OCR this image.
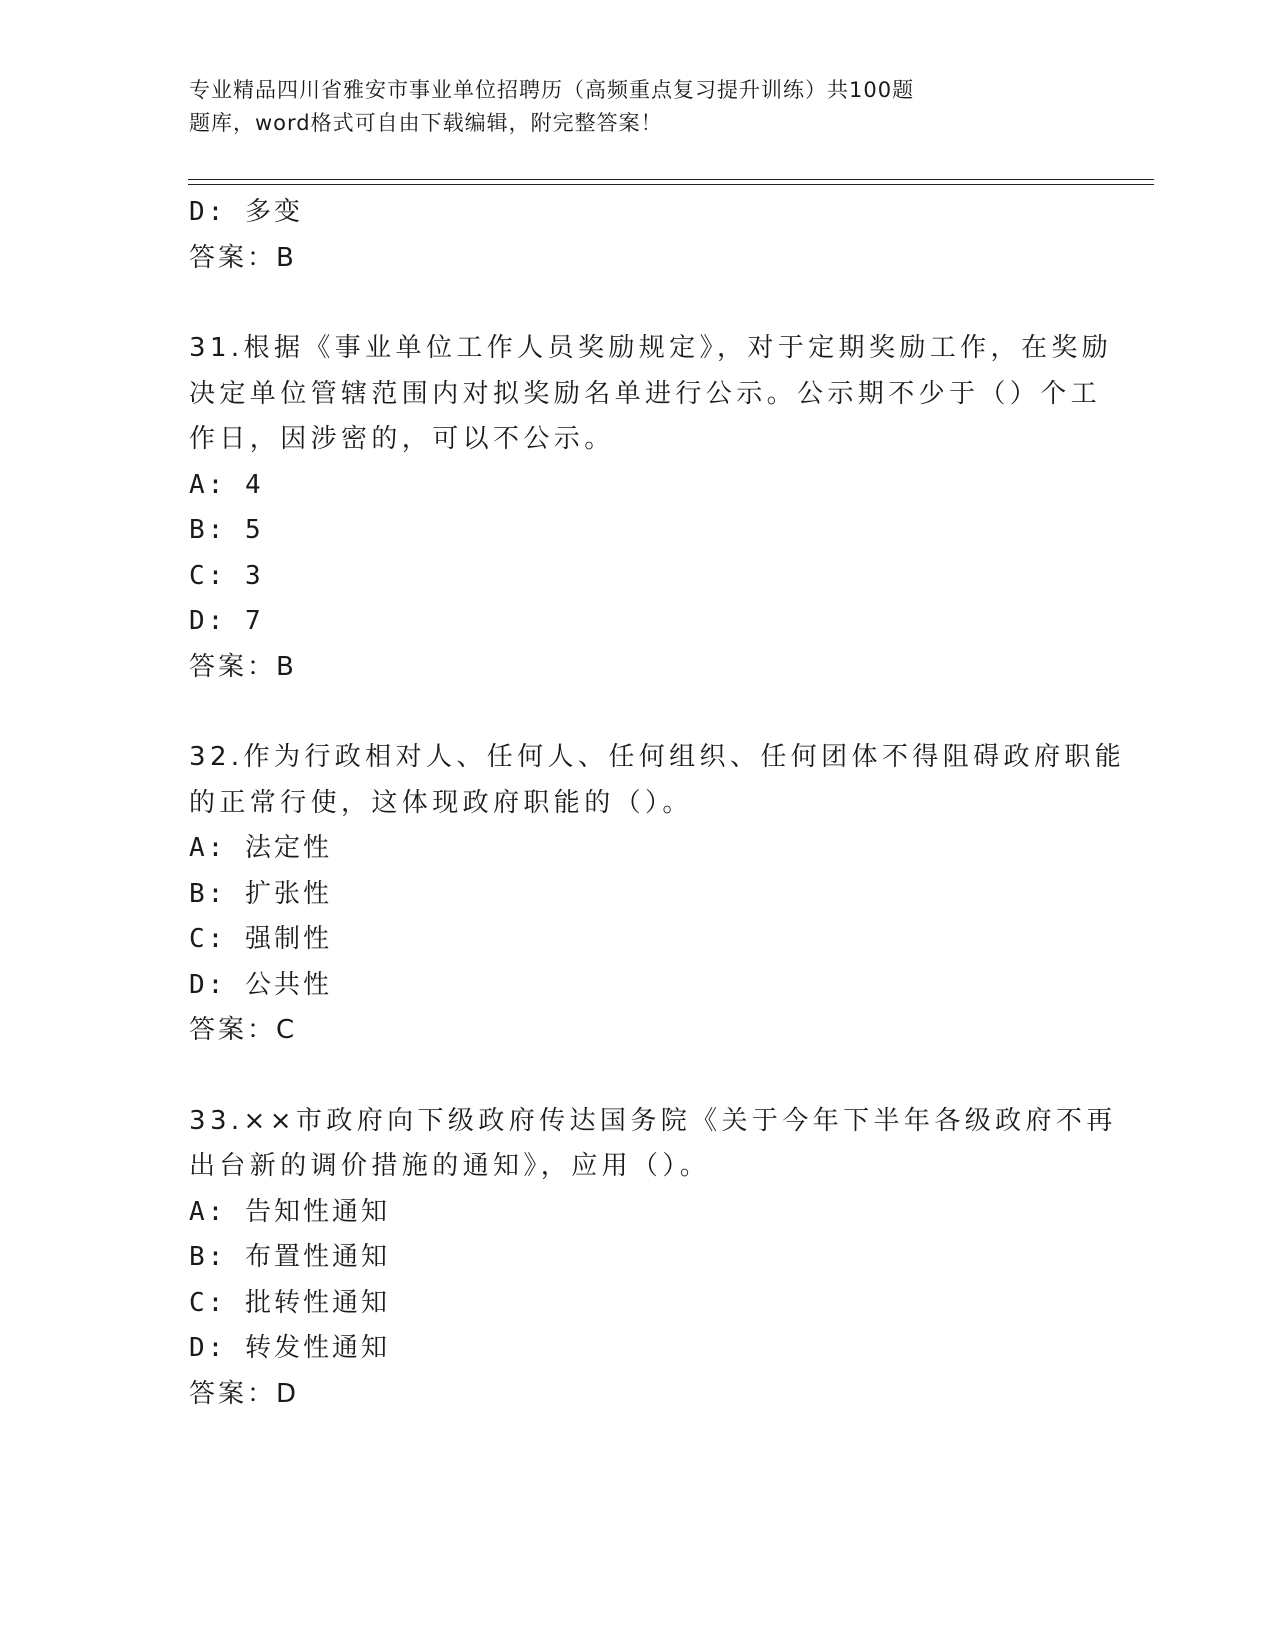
专业精品四川省雅安市事业单位招聘历（高频重点复习提升训练）共100题
题库，word格式可自由下载编辑，附完整答案！
D: 多变
答案：B
31.根据《事业单位工作人员奖励规定》，对于定期奖励工作，在奖励
决定单位管辖范围内对拟奖励名单进行公示。公示期不少于（）个工
作日，因涉密的，可以不公示。
A: 4
B: 5
C: 3
D: 7
答案：B
32.作为行政相对人、任何人、任何组织、任何团体不得阻碍政府职能
的正常行使，这体现政府职能的（）。
A: 法定性
B: 扩张性
C: 强制性
D: 公共性
答案：C
33.××市政府向下级政府传达国务院《关于今年下半年各级政府不再
出台新的调价措施的通知》，应用（）。
A: 告知性通知
B: 布置性通知
C: 批转性通知
D: 转发性通知
答案：D
